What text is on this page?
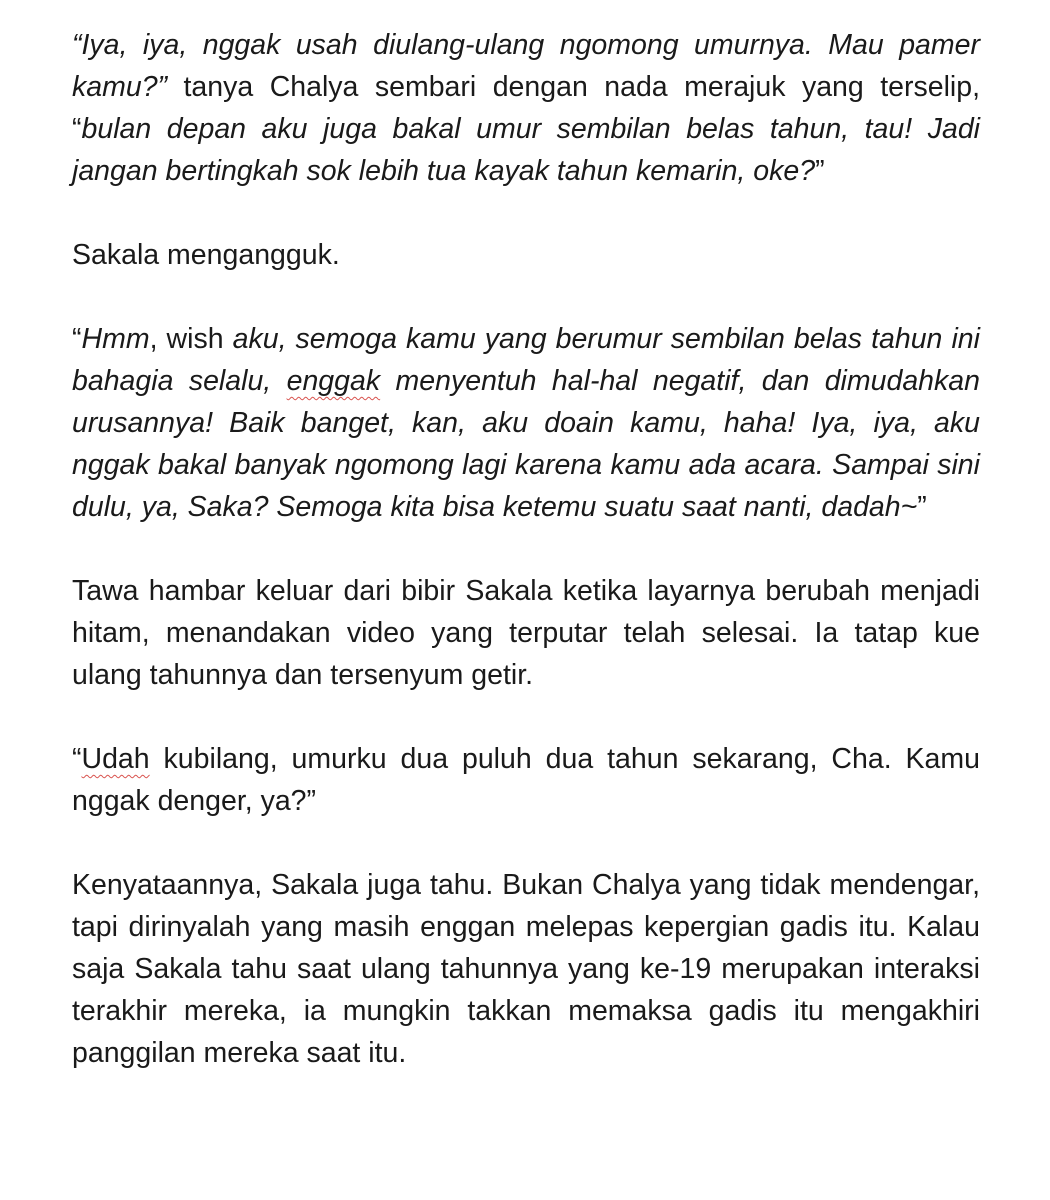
“Iya, iya, nggak usah diulang-ulang ngomong umurnya. Mau pamer kamu?” tanya Chalya sembari dengan nada merajuk yang terselip, “bulan depan aku juga bakal umur sembilan belas tahun, tau! Jadi jangan bertingkah sok lebih tua kayak tahun kemarin, oke?”

Sakala mengangguk.

“Hmm, wish aku, semoga kamu yang berumur sembilan belas tahun ini bahagia selalu, enggak menyentuh hal-hal negatif, dan dimudahkan urusannya! Baik banget, kan, aku doain kamu, haha! Iya, iya, aku nggak bakal banyak ngomong lagi karena kamu ada acara. Sampai sini dulu, ya, Saka? Semoga kita bisa ketemu suatu saat nanti, dadah~”

Tawa hambar keluar dari bibir Sakala ketika layarnya berubah menjadi hitam, menandakan video yang terputar telah selesai. Ia tatap kue ulang tahunnya dan tersenyum getir.

“Udah kubilang, umurku dua puluh dua tahun sekarang, Cha. Kamu nggak denger, ya?”

Kenyataannya, Sakala juga tahu. Bukan Chalya yang tidak mendengar, tapi dirinyalah yang masih enggan melepas kepergian gadis itu. Kalau saja Sakala tahu saat ulang tahunnya yang ke-19 merupakan interaksi terakhir mereka, ia mungkin takkan memaksa gadis itu mengakhiri panggilan mereka saat itu.
